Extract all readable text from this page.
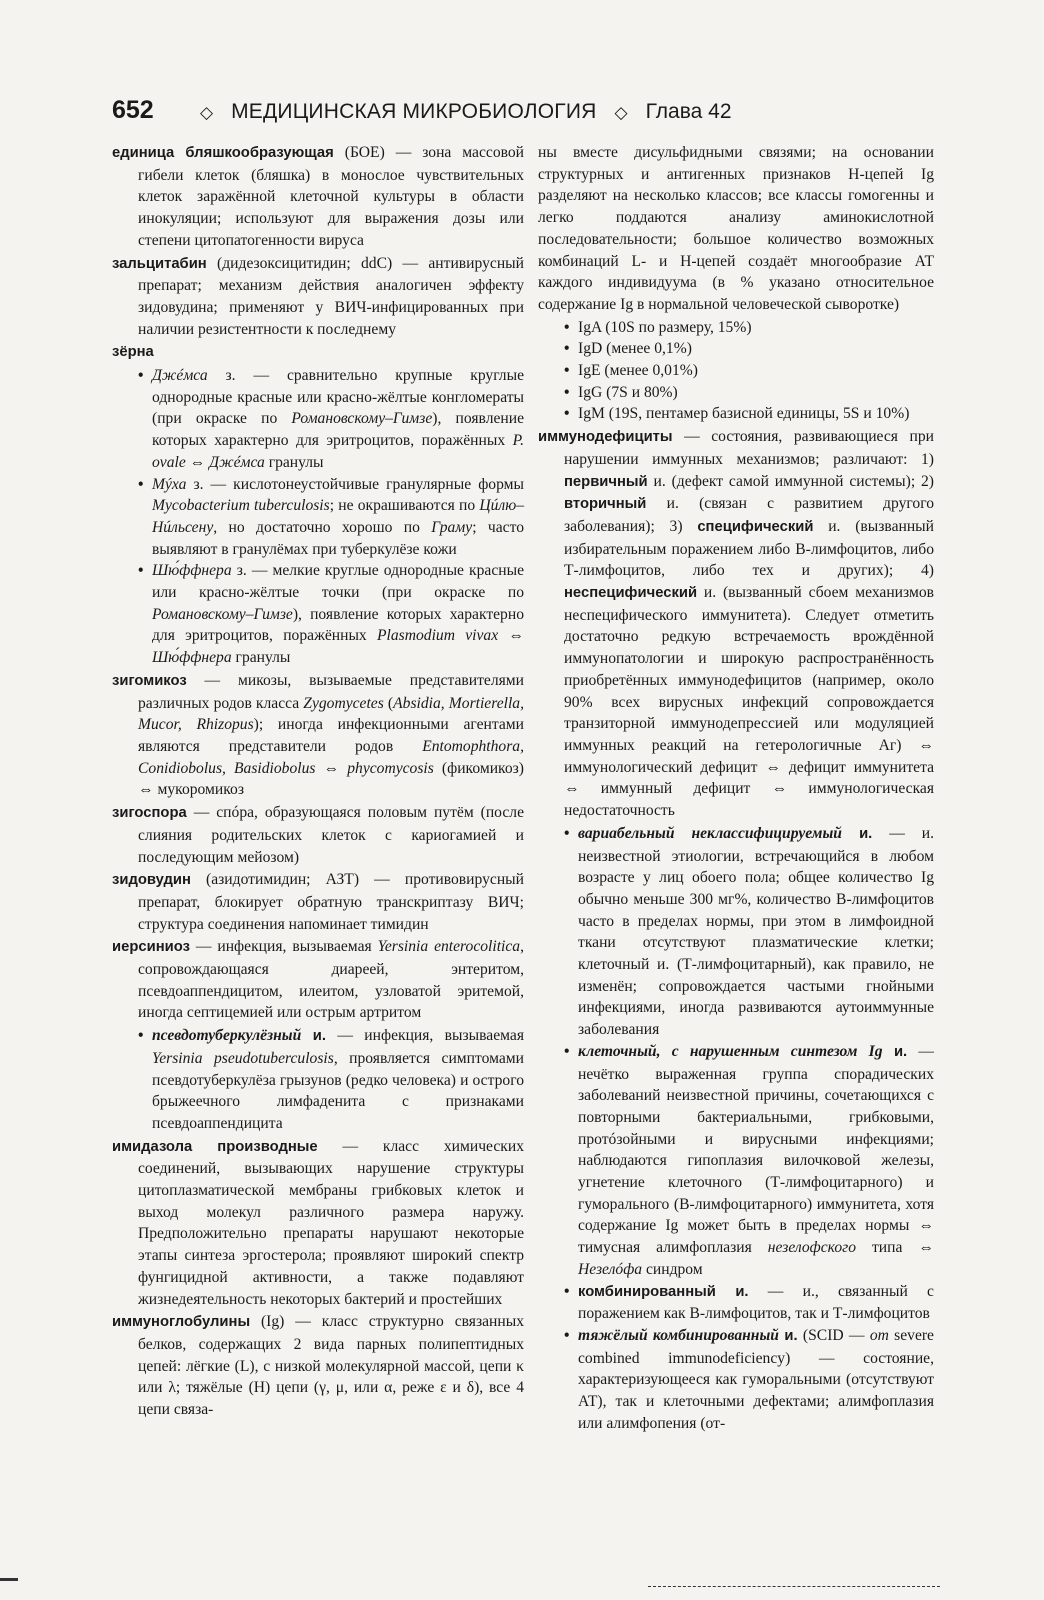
652	◇ МЕДИЦИНСКАЯ МИКРОБИОЛОГИЯ ◇ Глава 42

единица бляшкообразующая (БОЕ) — зона массовой гибели клеток (бляшка) в монослое чувствительных клеток заражённой клеточной культуры в области инокуляции; используют для выражения дозы или степени цитопатогенности вируса

зальцитабин (дидезоксицитидин; ddC) — антивирусный препарат; механизм действия аналогичен эффекту зидовудина; применяют у ВИЧ-инфицированных при наличии резистентности к последнему

зёрна

• Джéмса з. — сравнительно крупные круглые однородные красные или красно-жёлтые конгломераты (при окраске по Романовскому–Гимзе), появление которых характерно для эритроцитов, поражённых P. ovale ⇔ Джéмса гранулы
• Мýха з. — кислотонеустойчивые гранулярные формы Mycobacterium tuberculosis; не окрашиваются по Цúлю–Нúльсену, но достаточно хорошо по Граму; часто выявляют в гранулёмах при туберкулёзе кожи
• Шю́ффнера з. — мелкие круглые однородные красные или красно-жёлтые точки (при окраске по Романовскому–Гимзе), появление которых характерно для эритроцитов, поражённых Plasmodium vivax ⇔ Шю́ффнера гранулы

зигомикоз — микозы, вызываемые представителями различных родов класса Zygomycetes (Absidia, Mortierella, Mucor, Rhizopus); иногда инфекционными агентами являются представители родов Entomophthora, Conidiobolus, Basidiobolus ⇔ phycomycosis (фикомикоз) ⇔ мукоромикоз

зигоспора — спóра, образующаяся половым путём (после слияния родительских клеток с кариогамией и последующим мейозом)

зидовудин (азидотимидин; АЗТ) — противовирусный препарат, блокирует обратную транскриптазу ВИЧ; структура соединения напоминает тимидин

иерсиниоз — инфекция, вызываемая Yersinia enterocolitica, сопровождающаяся диареей, энтеритом, псевдоаппендицитом, илеитом, узловатой эритемой, иногда септицемией или острым артритом

• псевдотуберкулёзный и. — инфекция, вызываемая Yersinia pseudotuberculosis, проявляется симптомами псевдотуберкулёза грызунов (редко человека) и острого брыжеечного лимфаденита с признаками псевдоаппендицита

имидазола производные — класс химических соединений, вызывающих нарушение структуры цитоплазматической мембраны грибковых клеток и выход молекул различного размера наружу. Предположительно препараты нарушают некоторые этапы синтеза эргостерола; проявляют широкий спектр фунгицидной активности, а также подавляют жизнедеятельность некоторых бактерий и простейших

иммуноглобулины (Ig) — класс структурно связанных белков, содержащих 2 вида парных полипептидных цепей: лёгкие (L), с низкой молекулярной массой, цепи κ или λ; тяжёлые (H) цепи (γ, μ, или α, реже ε и δ), все 4 цепи связа-

ны вместе дисульфидными связями; на основании структурных и антигенных признаков H-цепей Ig разделяют на несколько классов; все классы гомогенны и легко поддаются анализу аминокислотной последовательности; большое количество возможных комбинаций L- и H-цепей создаёт многообразие АТ каждого индивидуума (в % указано относительное содержание Ig в нормальной человеческой сыворотке)

• IgA (10S по размеру, 15%)
• IgD (менее 0,1%)
• IgE (менее 0,01%)
• IgG (7S и 80%)
• IgM (19S, пентамер базисной единицы, 5S и 10%)

иммунодефициты — состояния, развивающиеся при нарушении иммунных механизмов; различают: 1) первичный и. (дефект самой иммунной системы); 2) вторичный и. (связан с развитием другого заболевания); 3) специфический и. (вызванный избирательным поражением либо В-лимфоцитов, либо Т-лимфоцитов, либо тех и других); 4) неспецифический и. (вызванный сбоем механизмов неспецифического иммунитета). Следует отметить достаточно редкую встречаемость врождённой иммунопатологии и широкую распространённость приобретённых иммунодефицитов (например, около 90% всех вирусных инфекций сопровождается транзиторной иммунодепрессией или модуляцией иммунных реакций на гетерологичные Аг) ⇔ иммунологический дефицит ⇔ дефицит иммунитета ⇔ иммунный дефицит ⇔ иммунологическая недостаточность

• вариабельный неклассифицируемый и. — и. неизвестной этиологии, встречающийся в любом возрасте у лиц обоего пола; общее количество Ig обычно меньше 300 мг%, количество В-лимфоцитов часто в пределах нормы, при этом в лимфоидной ткани отсутствуют плазматические клетки; клеточный и. (Т-лимфоцитарный), как правило, не изменён; сопровождается частыми гнойными инфекциями, иногда развиваются аутоиммунные заболевания
• клеточный, с нарушенным синтезом Ig и. — нечётко выраженная группа спорадических заболеваний неизвестной причины, сочетающихся с повторными бактериальными, грибковыми, протóзойными и вирусными инфекциями; наблюдаются гипоплазия вилочковой железы, угнетение клеточного (Т-лимфоцитарного) и гуморального (В-лимфоцитарного) иммунитета, хотя содержание Ig может быть в пределах нормы ⇔ тимусная алимфоплазия незелофского типа ⇔ Незелóфа синдром
• комбинированный и. — и., связанный с поражением как В-лимфоцитов, так и Т-лимфоцитов
• тяжёлый комбинированный и. (SCID — от severe combined immunodeficiency) — состояние, характеризующееся как гуморальными (отсутствуют АТ), так и клеточными дефектами; алимфоплазия или алимфопения (от-
